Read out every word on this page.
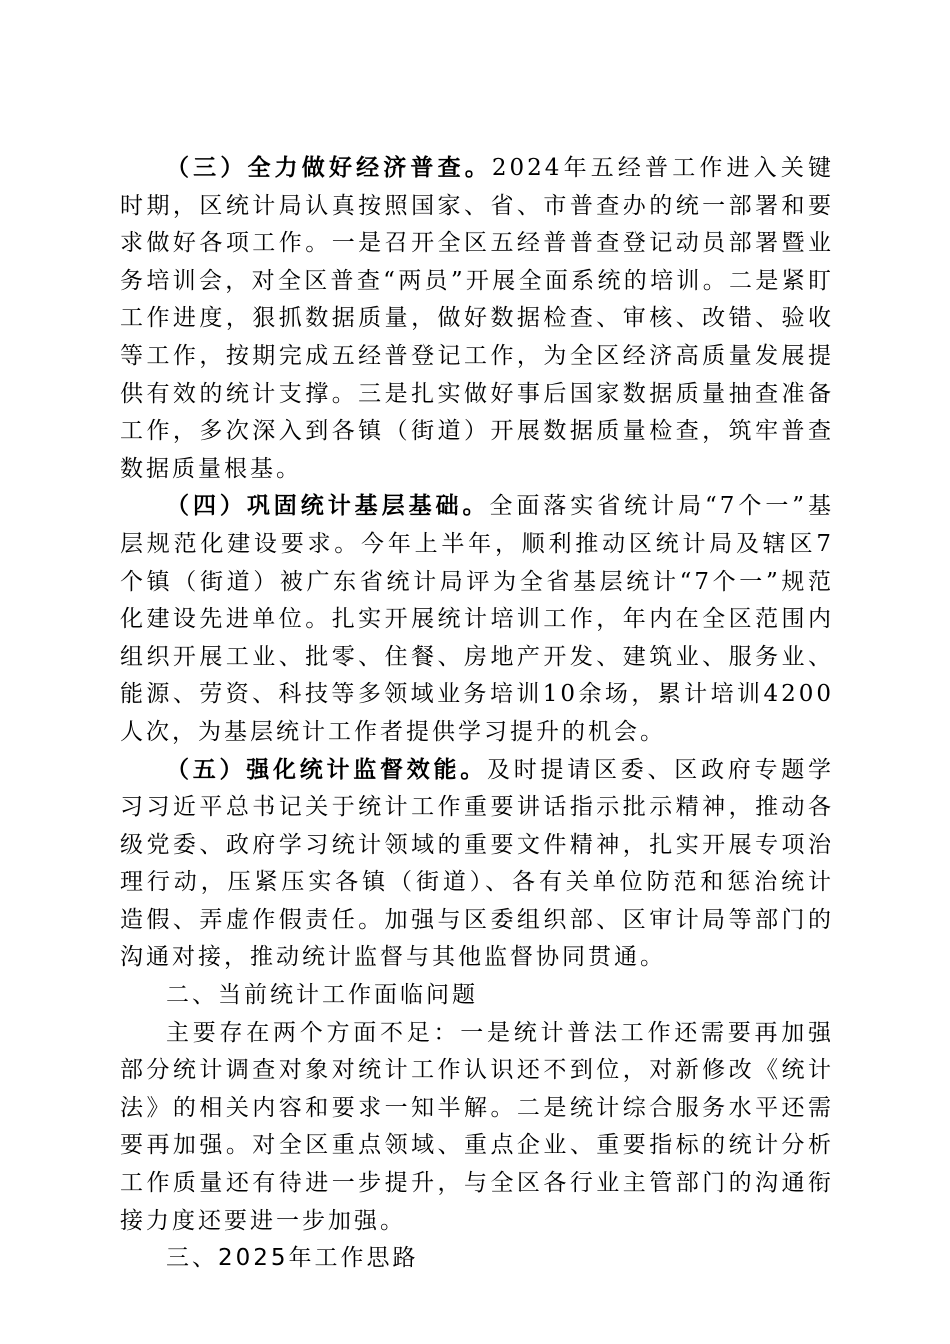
（三）全力做好经济普查。2024年五经普工作进入关键时期，区统计局认真按照国家、省、市普查办的统一部署和要求做好各项工作。一是召开全区五经普普查登记动员部署暨业务培训会，对全区普查“两员”开展全面系统的培训。二是紧盯工作进度，狠抓数据质量，做好数据检查、审核、改错、验收等工作，按期完成五经普登记工作，为全区经济高质量发展提供有效的统计支撑。三是扎实做好事后国家数据质量抽查准备工作，多次深入到各镇（街道）开展数据质量检查，筑牢普查数据质量根基。

（四）巩固统计基层基础。全面落实省统计局“7个一”基层规范化建设要求。今年上半年，顺利推动区统计局及辖区7个镇（街道）被广东省统计局评为全省基层统计“7个一”规范化建设先进单位。扎实开展统计培训工作，年内在全区范围内组织开展工业、批零、住餐、房地产开发、建筑业、服务业、能源、劳资、科技等多领域业务培训10余场，累计培训4200人次，为基层统计工作者提供学习提升的机会。

（五）强化统计监督效能。及时提请区委、区政府专题学习习近平总书记关于统计工作重要讲话指示批示精神，推动各级党委、政府学习统计领域的重要文件精神，扎实开展专项治理行动，压紧压实各镇（街道）、各有关单位防范和惩治统计造假、弄虚作假责任。加强与区委组织部、区审计局等部门的沟通对接，推动统计监督与其他监督协同贯通。

二、当前统计工作面临问题

主要存在两个方面不足：一是统计普法工作还需要再加强部分统计调查对象对统计工作认识还不到位，对新修改《统计法》的相关内容和要求一知半解。二是统计综合服务水平还需要再加强。对全区重点领域、重点企业、重要指标的统计分析工作质量还有待进一步提升，与全区各行业主管部门的沟通衔接力度还要进一步加强。

三、2025年工作思路
